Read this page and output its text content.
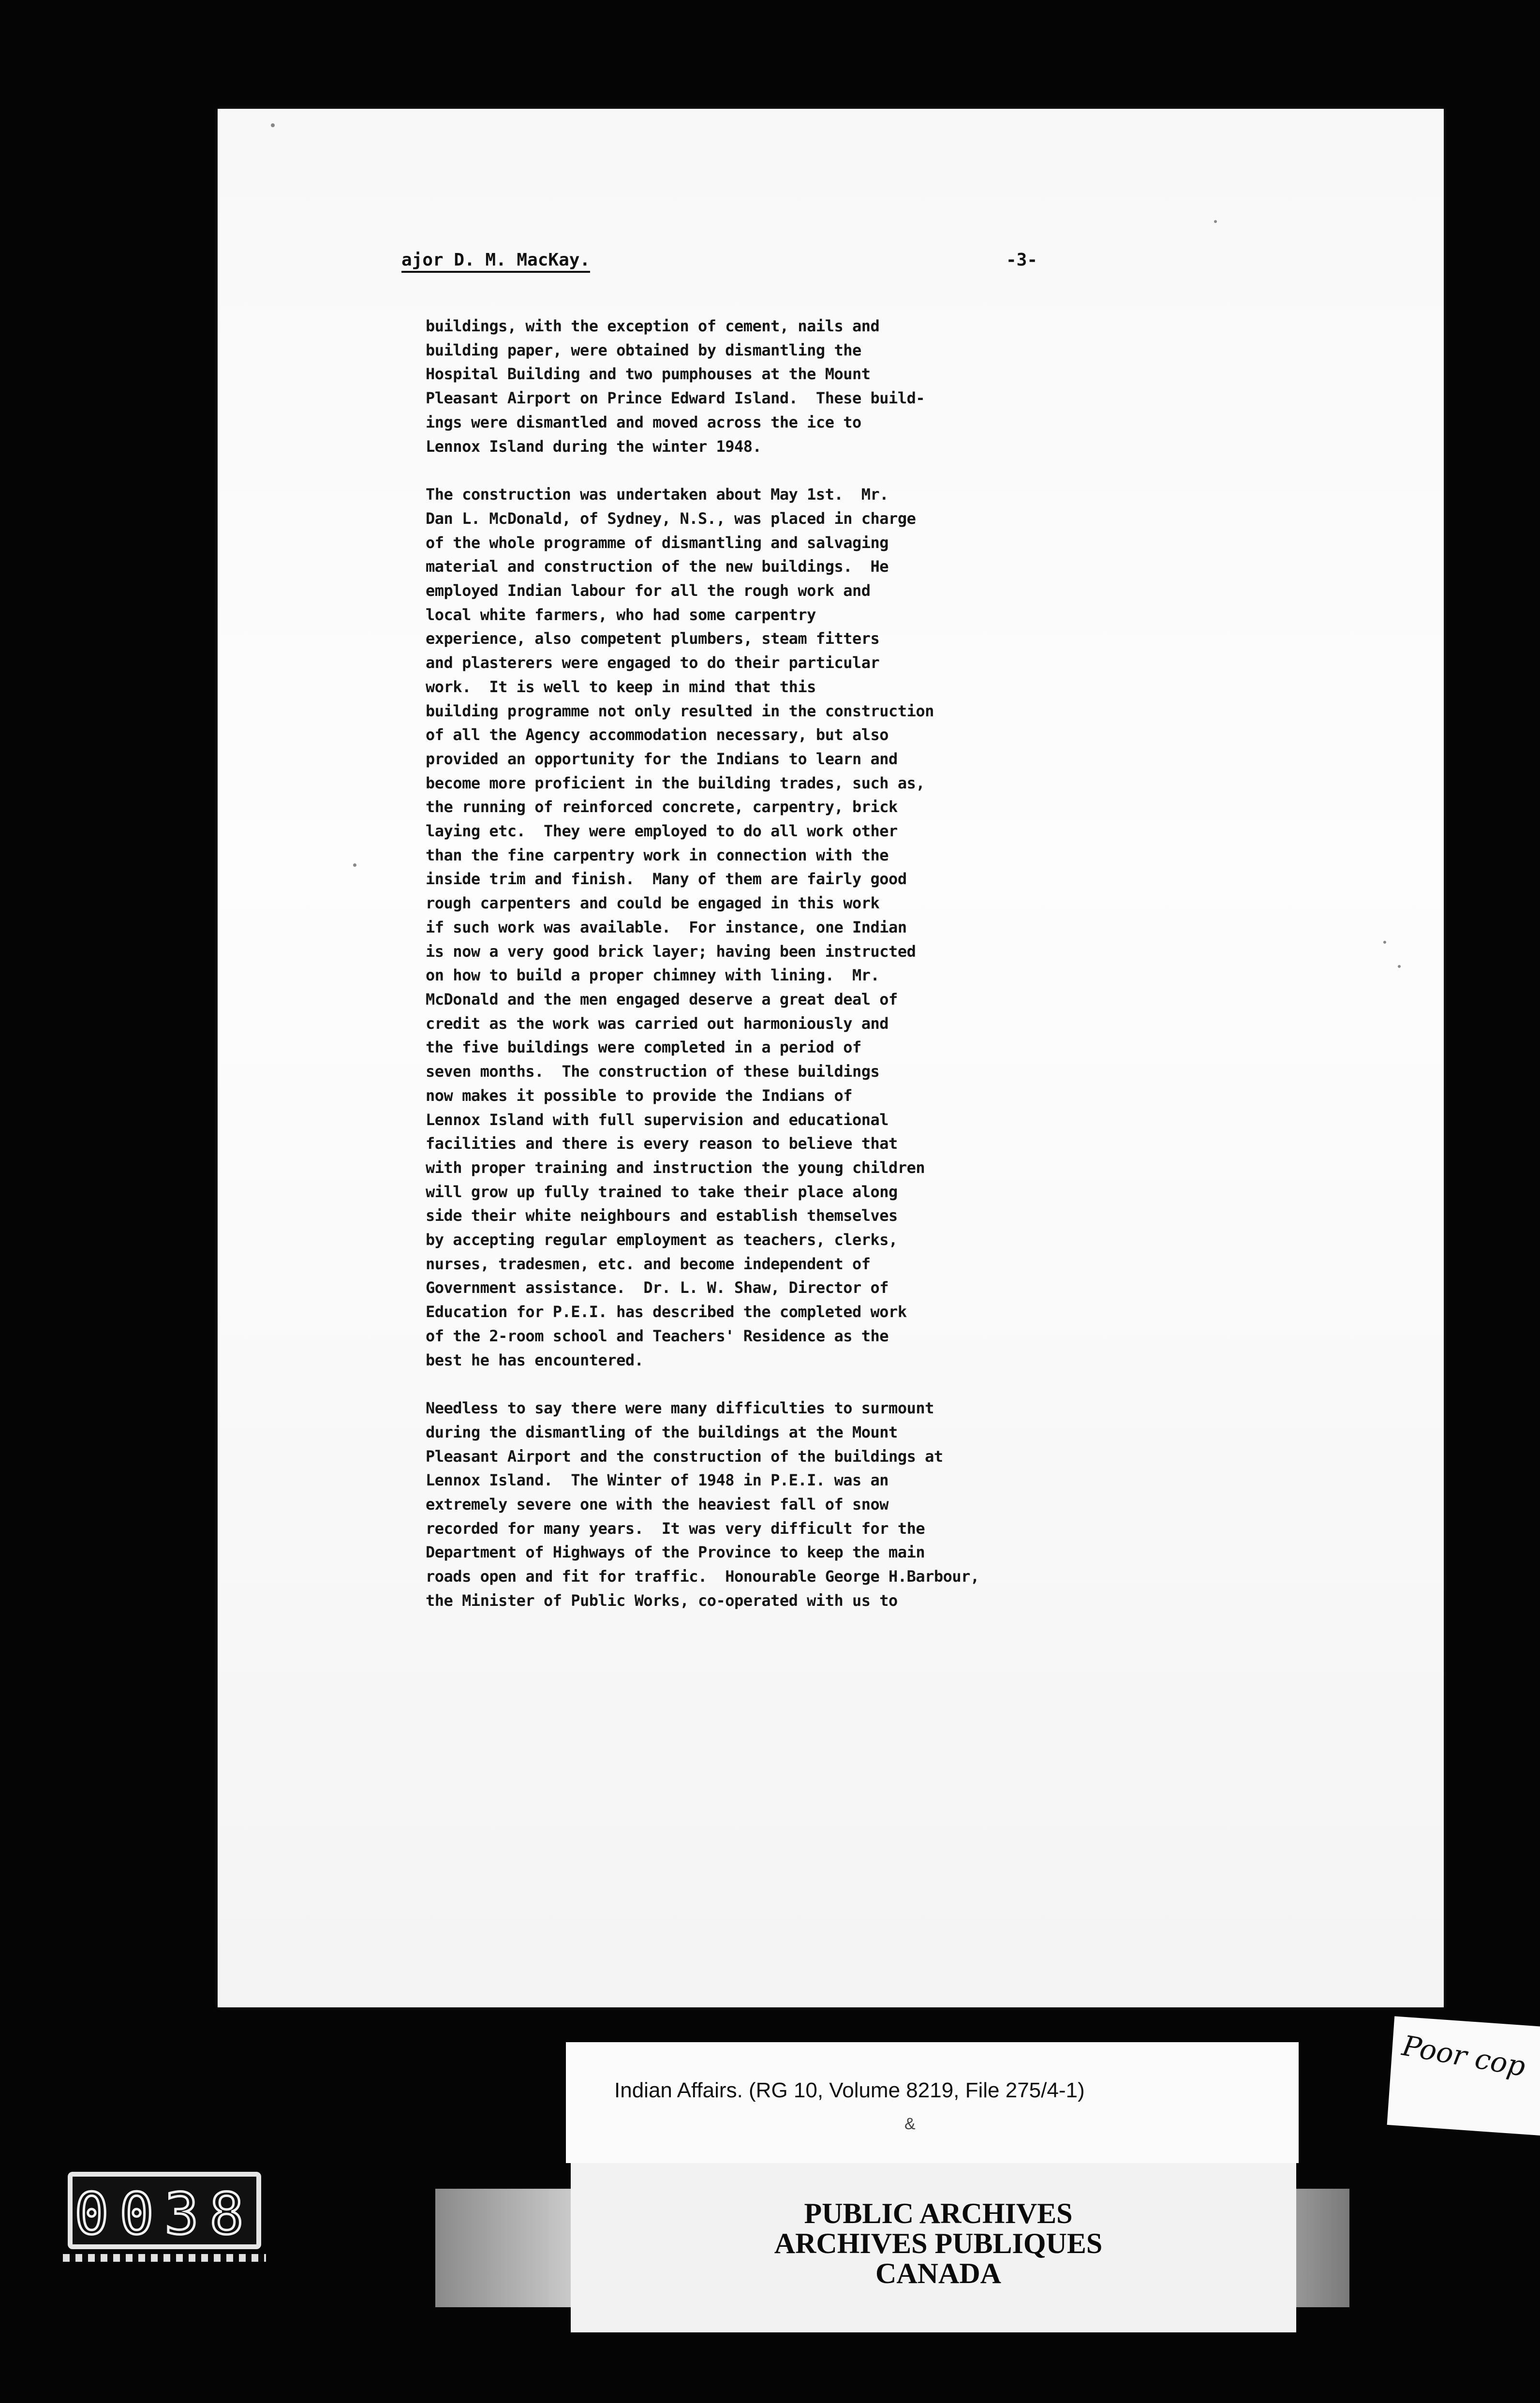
ajor D. M. MacKay.	-3-
buildings, with the exception of cement, nails and
building paper, were obtained by dismantling the
Hospital Building and two pumphouses at the Mount
Pleasant Airport on Prince Edward Island.  These build-
ings were dismantled and moved across the ice to
Lennox Island during the winter 1948.
The construction was undertaken about May 1st.  Mr.
Dan L. McDonald, of Sydney, N.S., was placed in charge
of the whole programme of dismantling and salvaging
material and construction of the new buildings.  He
employed Indian labour for all the rough work and
local white farmers, who had some carpentry
experience, also competent plumbers, steam fitters
and plasterers were engaged to do their particular
work.  It is well to keep in mind that this
building programme not only resulted in the construction
of all the Agency accommodation necessary, but also
provided an opportunity for the Indians to learn and
become more proficient in the building trades, such as,
the running of reinforced concrete, carpentry, brick
laying etc.  They were employed to do all work other
than the fine carpentry work in connection with the
inside trim and finish.  Many of them are fairly good
rough carpenters and could be engaged in this work
if such work was available.  For instance, one Indian
is now a very good brick layer; having been instructed
on how to build a proper chimney with lining.  Mr.
McDonald and the men engaged deserve a great deal of
credit as the work was carried out harmoniously and
the five buildings were completed in a period of
seven months.  The construction of these buildings
now makes it possible to provide the Indians of
Lennox Island with full supervision and educational
facilities and there is every reason to believe that
with proper training and instruction the young children
will grow up fully trained to take their place along
side their white neighbours and establish themselves
by accepting regular employment as teachers, clerks,
nurses, tradesmen, etc. and become independent of
Government assistance.  Dr. L. W. Shaw, Director of
Education for P.E.I. has described the completed work
of the 2-room school and Teachers' Residence as the
best he has encountered.
Needless to say there were many difficulties to surmount
during the dismantling of the buildings at the Mount
Pleasant Airport and the construction of the buildings at
Lennox Island.  The Winter of 1948 in P.E.I. was an
extremely severe one with the heaviest fall of snow
recorded for many years.  It was very difficult for the
Department of Highways of the Province to keep the main
roads open and fit for traffic.  Honourable George H.Barbour,
the Minister of Public Works, co-operated with us to
Indian Affairs. (RG 10, Volume 8219, File 275/4-1)
&
PUBLIC ARCHIVES
ARCHIVES PUBLIQUES
CANADA
0038
Poor cop
